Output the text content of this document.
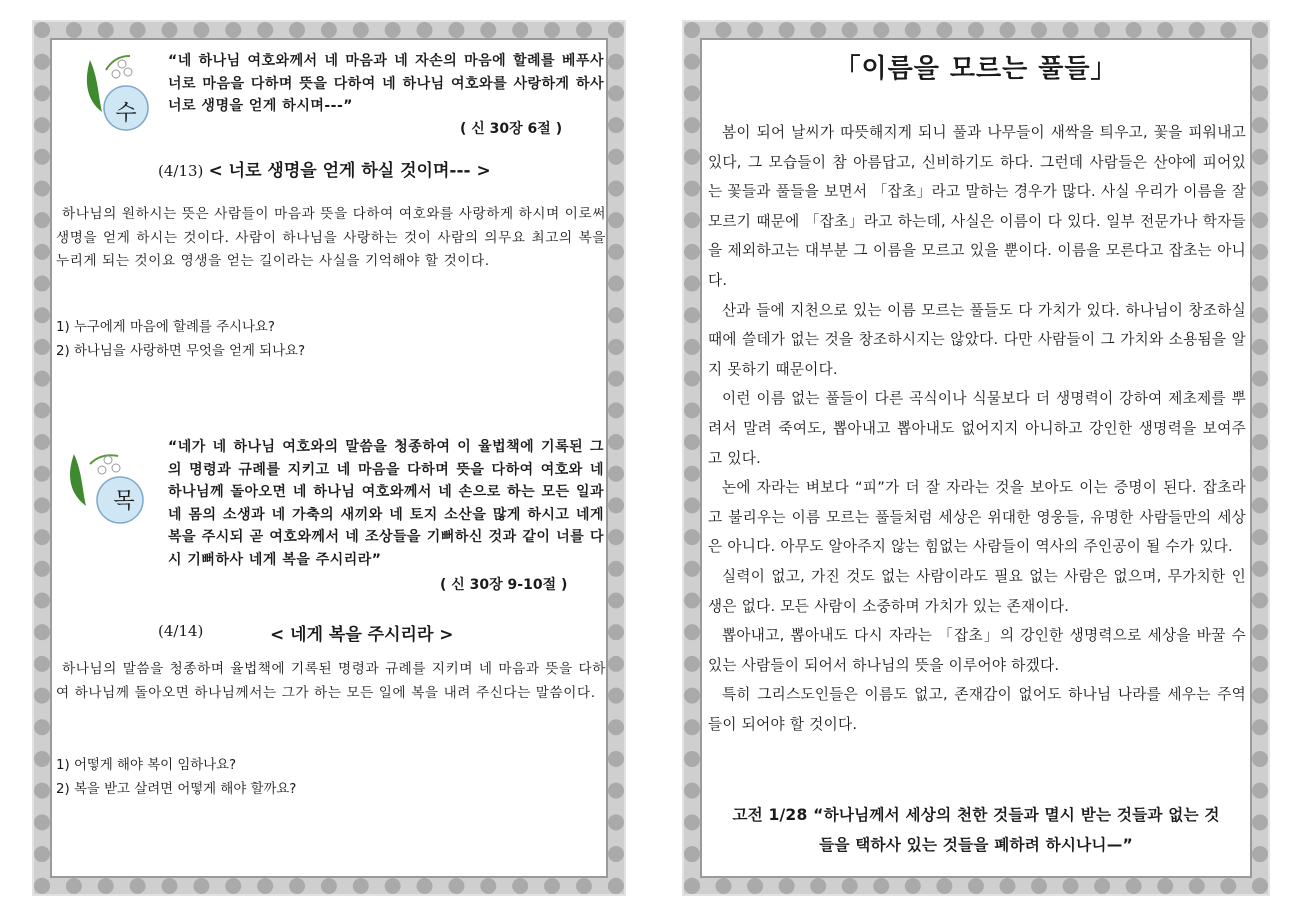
수
“네 하나님 여호와께서 네 마음과 네 자손의 마음에 할례를 베푸사 너로 마음을 다하며 뜻을 다하여 네 하나님 여호와를 사랑하게 하사 너로 생명을 얻게 하시며---”
( 신 30장 6절 )
(4/13) < 너로 생명을 얻게 하실 것이며--- >
하나님의 원하시는 뜻은 사람들이 마음과 뜻을 다하여 여호와를 사랑하게 하시며 이로써 생명을 얻게 하시는 것이다. 사람이 하나님을 사랑하는 것이 사람의 의무요 최고의 복을 누리게 되는 것이요 영생을 얻는 길이라는 사실을 기억해야 할 것이다.
1) 누구에게 마음에 할례를 주시나요?
2) 하나님을 사랑하면 무엇을 얻게 되나요?
목
“네가 네 하나님 여호와의 말씀을 청종하여 이 율법책에 기록된 그의 명령과 규례를 지키고 네 마음을 다하며 뜻을 다하여 여호와 네 하나님께 돌아오면 네 하나님 여호와께서 네 손으로 하는 모든 일과 네 몸의 소생과 네 가축의 새끼와 네 토지 소산을 많게 하시고 네게 복을 주시되 곧 여호와께서 네 조상들을 기뻐하신 것과 같이 너를 다시 기뻐하사 네게 복을 주시리라”
( 신 30장 9-10절 )
(4/14)	< 네게 복을 주시리라 >
하나님의 말씀을 청종하며 율법책에 기록된 명령과 규례를 지키며 네 마음과 뜻을 다하여 하나님께 돌아오면 하나님께서는 그가 하는 모든 일에 복을 내려 주신다는 말씀이다.
1) 어떻게 해야 복이 임하나요?
2) 복을 받고 살려면 어떻게 해야 할까요?
「이름을 모르는 풀들」

봄이 되어 날씨가 따뜻해지게 되니 풀과 나무들이 새싹을 틔우고, 꽃을 피워내고 있다, 그 모습들이 참 아름답고, 신비하기도 하다. 그런데 사람들은 산야에 피어있는 꽃들과 풀들을 보면서 「잡초」라고 말하는 경우가 많다. 사실 우리가 이름을 잘 모르기 때문에 「잡초」라고 하는데, 사실은 이름이 다 있다. 일부 전문가나 학자들을 제외하고는 대부분 그 이름을 모르고 있을 뿐이다. 이름을 모른다고 잡초는 아니다.

산과 들에 지천으로 있는 이름 모르는 풀들도 다 가치가 있다. 하나님이 창조하실 때에 쓸데가 없는 것을 창조하시지는 않았다. 다만 사람들이 그 가치와 소용됨을 알지 못하기 때문이다.

이런 이름 없는 풀들이 다른 곡식이나 식물보다 더 생명력이 강하여 제초제를 뿌려서 말려 죽여도, 뽑아내고 뽑아내도 없어지지 아니하고 강인한 생명력을 보여주고 있다.

논에 자라는 벼보다 “피”가 더 잘 자라는 것을 보아도 이는 증명이 된다. 잡초라고 불리우는 이름 모르는 풀들처럼 세상은 위대한 영웅들, 유명한 사람들만의 세상은 아니다. 아무도 알아주지 않는 힘없는 사람들이 역사의 주인공이 될 수가 있다.

실력이 없고, 가진 것도 없는 사람이라도 필요 없는 사람은 없으며, 무가치한 인생은 없다. 모든 사람이 소중하며 가치가 있는 존재이다.

뽑아내고, 뽑아내도 다시 자라는 「잡초」의 강인한 생명력으로 세상을 바꿀 수 있는 사람들이 되어서 하나님의 뜻을 이루어야 하겠다.

특히 그리스도인들은 이름도 없고, 존재감이 없어도 하나님 나라를 세우는 주역들이 되어야 할 것이다.

고전 1/28 “하나님께서 세상의 천한 것들과 멸시 받는 것들과 없는 것
들을 택하사 있는 것들을 폐하려 하시나니—”
